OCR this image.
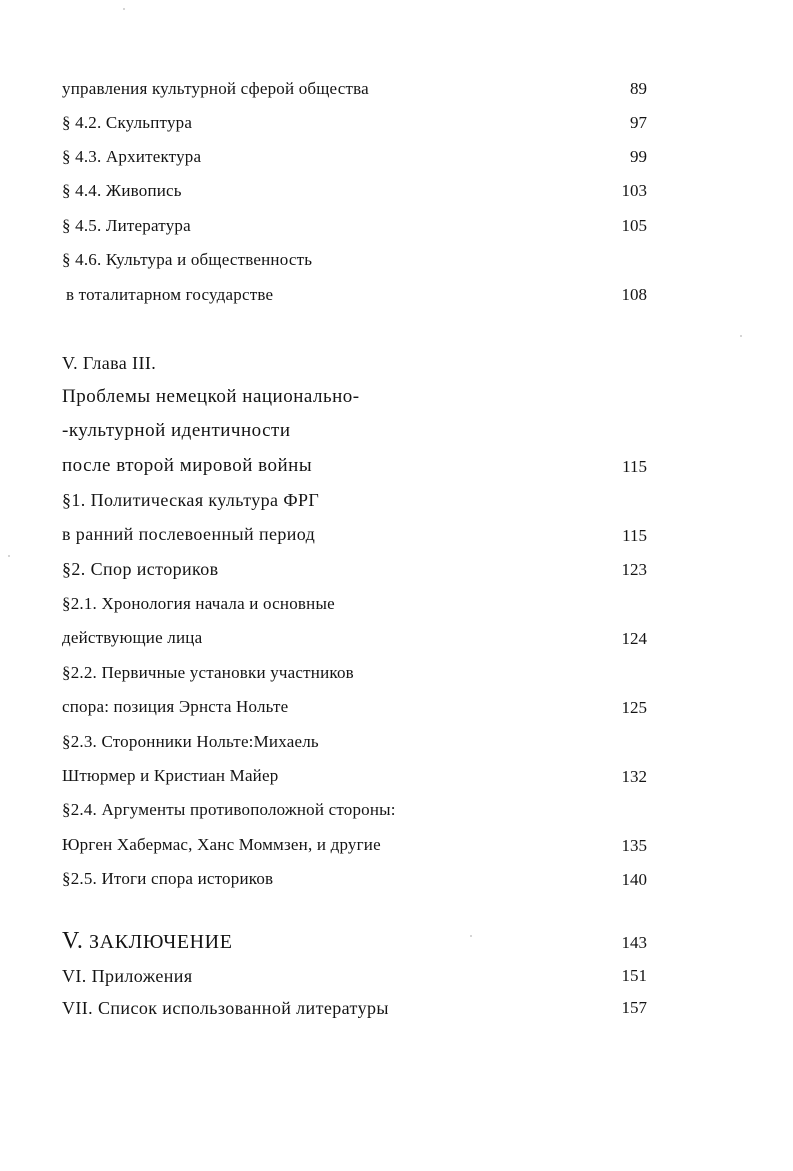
управления культурной сферой общества	89
§ 4.2. Скульптура	97
§ 4.3. Архитектура	99
§ 4.4. Живопись	103
§ 4.5. Литература	105
§ 4.6. Культура и общественность
в тоталитарном государстве	108
V. Глава III.
Проблемы немецкой национально-
-культурной идентичности
после второй мировой войны	115
§1. Политическая культура ФРГ
в ранний послевоенный период	115
§2. Спор историков	123
§2.1. Хронология начала и основные
действующие лица	124
§2.2. Первичные установки участников
спора: позиция Эрнста Нольте	125
§2.3. Сторонники Нольте:Михаель
Штюрмер и Кристиан Майер	132
§2.4. Аргументы противоположной стороны:
Юрген Хабермас, Ханс Моммзен, и другие	135
§2.5. Итоги спора историков	140
V. ЗАКЛЮЧЕНИЕ	143
VI. Приложения	151
VII. Список использованной литературы	157
